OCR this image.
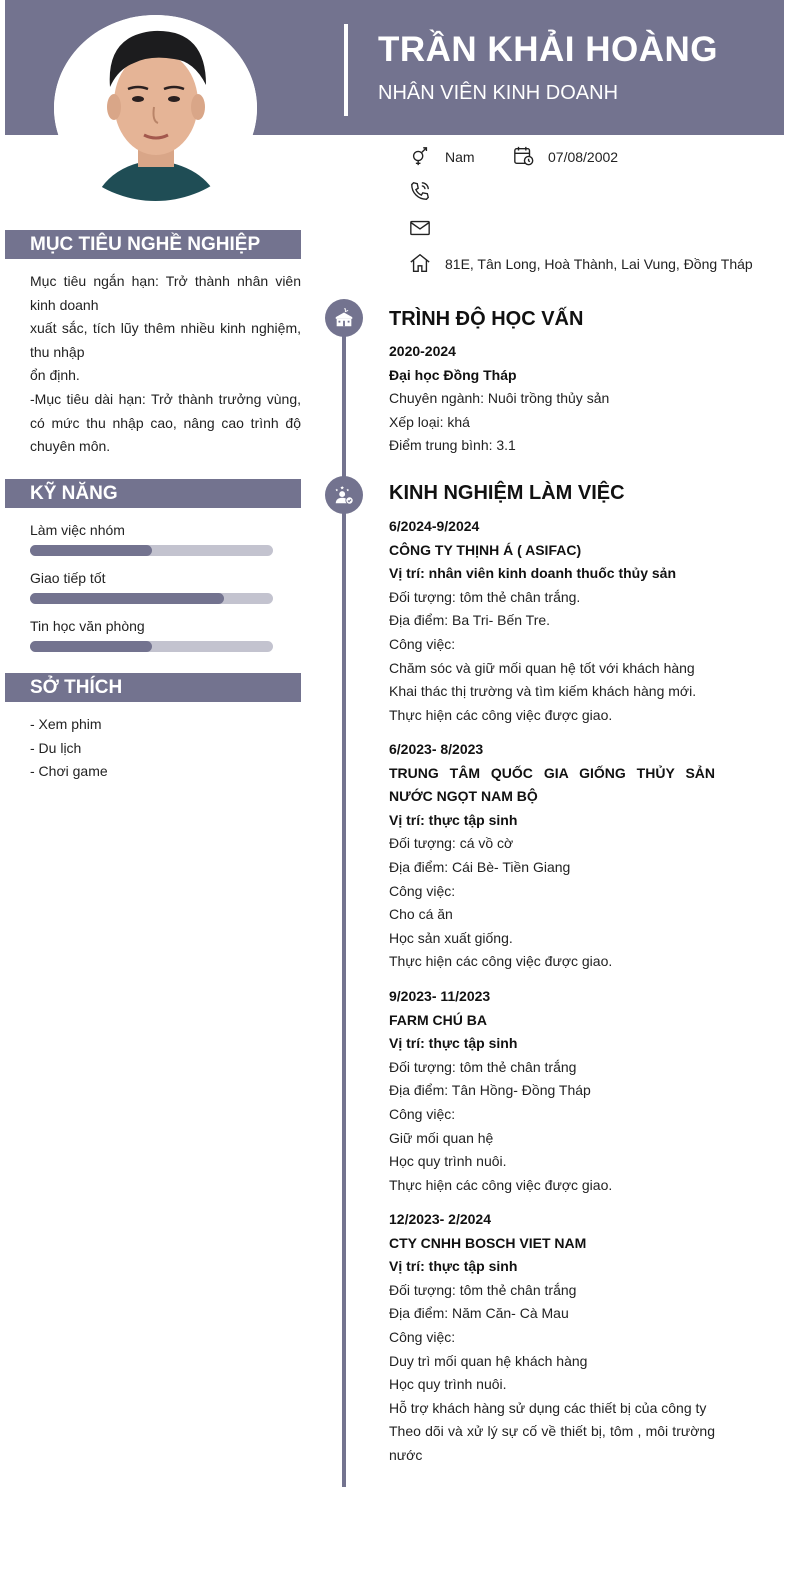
TRẦN KHẢI HOÀNG
NHÂN VIÊN KINH DOANH
Nam	07/08/2002
81E, Tân Long, Hoà Thành, Lai Vung, Đồng Tháp
MỤC TIÊU NGHỀ NGHIỆP

Mục tiêu ngắn hạn: Trở thành nhân viên kinh doanh

xuất sắc, tích lũy thêm nhiều kinh nghiệm, thu nhập

ổn định.

-Mục tiêu dài hạn: Trở thành trưởng vùng, có mức thu nhập cao, nâng cao trình độ chuyên môn.

KỸ NĂNG
Làm việc nhóm
Giao tiếp tốt
Tin học văn phòng
SỞ THÍCH

- Xem phim

- Du lịch

- Chơi game

TRÌNH ĐỘ HỌC VẤN

2020-2024

Đại học Đồng Tháp

Chuyên ngành: Nuôi trồng thủy sản

Xếp loại: khá

Điểm trung bình: 3.1

KINH NGHIỆM LÀM VIỆC

6/2024-9/2024

CÔNG TY THỊNH Á ( ASIFAC)

Vị trí: nhân viên kinh doanh thuốc thủy sản

Đối tượng: tôm thẻ chân trắng.

Địa điểm: Ba Tri- Bến Tre.

Công việc:

Chăm sóc và giữ mối quan hệ tốt với khách hàng

Khai thác thị trường và tìm kiếm khách hàng mới.

Thực hiện các công việc được giao.

6/2023- 8/2023

TRUNG TÂM QUỐC GIA GIỐNG THỦY SẢN NƯỚC NGỌT NAM BỘ

Vị trí: thực tập sinh

Đối tượng: cá vồ cờ

Địa điểm: Cái Bè- Tiền Giang

Công việc:

Cho cá ăn

Học sản xuất giống.

Thực hiện các công việc được giao.

9/2023- 11/2023

FARM CHÚ BA

Vị trí: thực tập sinh

Đối tượng: tôm thẻ chân trắng

Địa điểm: Tân Hồng- Đồng Tháp

Công việc:

Giữ mối quan hệ

Học quy trình nuôi.

Thực hiện các công việc được giao.

12/2023- 2/2024

CTY CNHH BOSCH VIET NAM

Vị trí: thực tập sinh

Đối tượng: tôm thẻ chân trắng

Địa điểm: Năm Căn- Cà Mau

Công việc:

Duy trì mối quan hệ khách hàng

Học quy trình nuôi.

Hỗ trợ khách hàng sử dụng các thiết bị của công ty

Theo dõi và xử lý sự cố về thiết bị, tôm , môi trường nước
